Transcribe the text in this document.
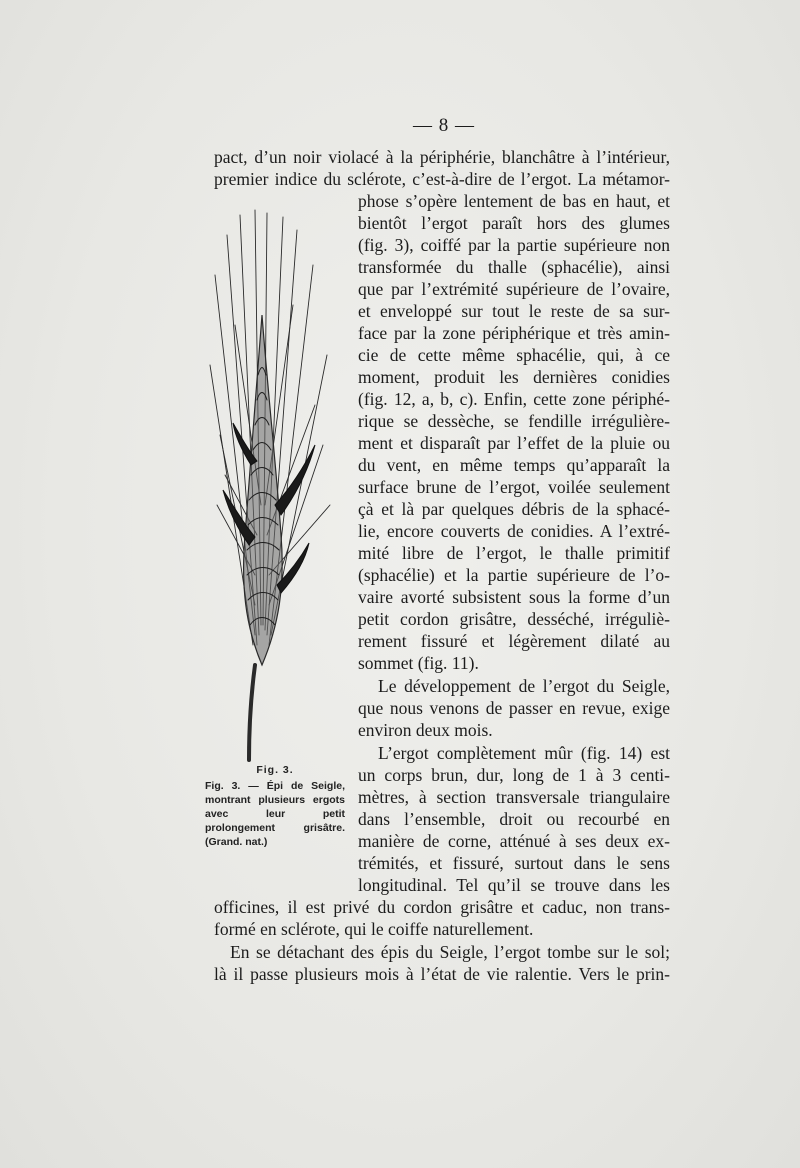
— 8 —
Fig. 3.
Fig. 3. — Épi de Seigle, montrant plusieurs ergots avec leur petit prolongement grisâtre. (Grand. nat.)
pact, d’un noir violacé à la périphérie, blanchâtre à l’intérieur,
premier indice du sclérote, c’est-à-dire de l’ergot. La métamor-
phose s’opère lentement de bas en haut, et
bientôt l’ergot paraît hors des glumes
(fig. 3), coiffé par la partie supérieure non
transformée du thalle (sphacélie), ainsi
que par l’extrémité supérieure de l’ovaire,
et enveloppé sur tout le reste de sa sur-
face par la zone périphérique et très amin-
cie de cette même sphacélie, qui, à ce
moment, produit les dernières conidies
(fig. 12, a, b, c). Enfin, cette zone périphé-
rique se dessèche, se fendille irrégulière-
ment et disparaît par l’effet de la pluie ou
du vent, en même temps qu’apparaît la
surface brune de l’ergot, voilée seulement
çà et là par quelques débris de la sphacé-
lie, encore couverts de conidies. A l’extré-
mité libre de l’ergot, le thalle primitif
(sphacélie) et la partie supérieure de l’o-
vaire avorté subsistent sous la forme d’un
petit cordon grisâtre, desséché, irréguliè-
rement fissuré et légèrement dilaté au
sommet (fig. 11).
Le développement de l’ergot du Seigle,
que nous venons de passer en revue, exige
environ deux mois.
L’ergot complètement mûr (fig. 14) est
un corps brun, dur, long de 1 à 3 centi-
mètres, à section transversale triangulaire
dans l’ensemble, droit ou recourbé en
manière de corne, atténué à ses deux ex-
trémités, et fissuré, surtout dans le sens
longitudinal. Tel qu’il se trouve dans les
officines, il est privé du cordon grisâtre et caduc, non trans-
formé en sclérote, qui le coiffe naturellement.
En se détachant des épis du Seigle, l’ergot tombe sur le sol;
là il passe plusieurs mois à l’état de vie ralentie. Vers le prin-
